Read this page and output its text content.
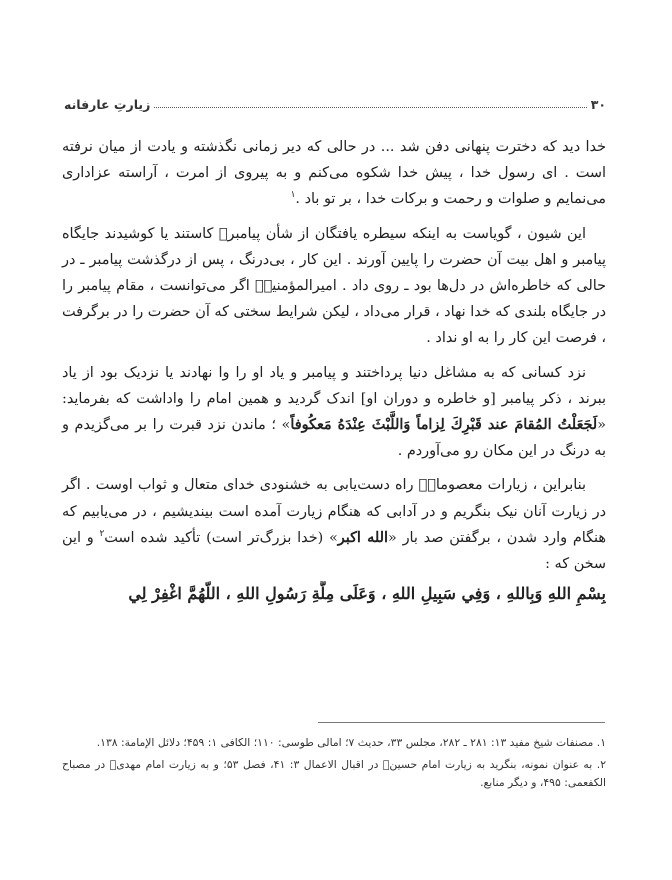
۳۰
زیارتِ عارفانه

خدا دید که دخترت پنهانی دفن شد ... در حالی که دیر زمانی نگذشته و یادت از میان نرفته است . ای رسول خدا ، پیش خدا شکوه می‌کنم و به پیروی از امرت ، آراسته عزاداری می‌نمایم و صلوات و رحمت و برکات خدا ، بر تو باد .$^۱$

این شیون ، گویاست به اینکه سیطره یافتگان از شأن پیامبرﷺ کاستند یا کوشیدند جایگاه پیامبر و اهل بیت آن حضرت را پایین آورند . این کار ، بی‌درنگ ، پس از درگذشت پیامبر ـ در حالی که خاطره‌اش در دل‌ها بود ـ روی داد . امیرالمؤمنینؑ اگر می‌توانست ، مقام پیامبر را در جایگاه بلندی که خدا نهاد ، قرار می‌داد ، لیکن شرایط سختی که آن حضرت را در برگرفت ، فرصت این کار را به او نداد .

نزد کسانی که به مشاغل دنیا پرداختند و پیامبر و یاد او را وا نهادند یا نزدیک بود از یاد ببرند ، ذکر پیامبر [و خاطره و دوران او] اندک گردید و همین امام را واداشت که بفرماید: «لَجَعَلْتُ المُقامَ عند قَبْرِكَ لِزاماً وَاللَّبْثَ عِنْدَهُ مَعكُوفاً» ؛ ماندن نزد قبرت را بر می‌گزیدم و به درنگ در این مکان رو می‌آوردم .

بنابراین ، زیارات معصومانؑ راه دست‌یابی به خشنودی خدای متعال و ثواب اوست . اگر در زیارت آنان نیک بنگریم و در آدابی که هنگام زیارت آمده است بیندیشیم ، در می‌یابیم که هنگام وارد شدن ، برگفتن صد بار «الله اکبر» (خدا بزرگ‌تر است) تأکید شده است$^۲$ و این سخن که :

بِسْمِ اللهِ وَبِاللهِ ، وَفِي سَبِيلِ اللهِ ، وَعَلَى مِلَّةِ رَسُولِ اللهِ ، اللّهُمَّ اغْفِرْ لِي

۱. مصنفات شیخ مفید ۱۳: ۲۸۱ ـ ۲۸۲، مجلس ۳۳، حدیث ۷؛ امالی طوسی: ۱۱۰؛ الکافی ۱: ۴۵۹؛ دلائل الإمامة: ۱۳۸.

۲. به عنوان نمونه، بنگرید به زیارت امام حسینؑ در اقبال الاعمال ۳: ۴۱، فصل ۵۳؛ و به زیارت امام مهدیؑ در مصباح الکفعمی: ۴۹۵، و دیگر منابع.
